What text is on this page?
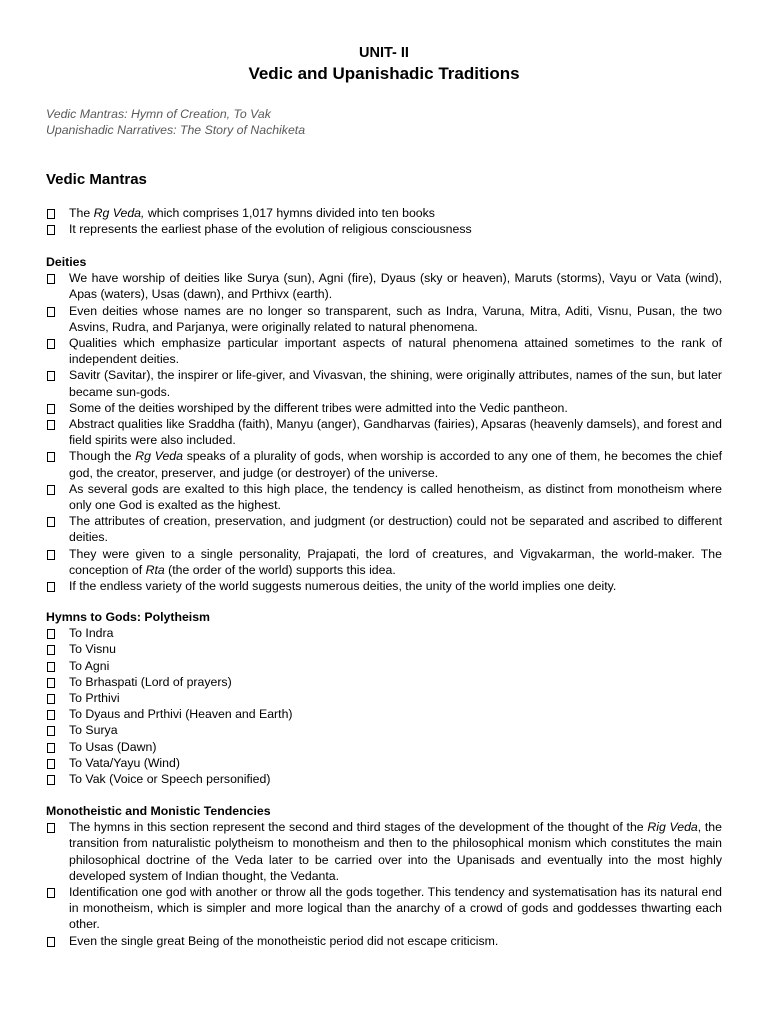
UNIT- II
Vedic and Upanishadic Traditions
Vedic Mantras: Hymn of Creation, To Vak
Upanishadic Narratives: The Story of Nachiketa
Vedic Mantras
The Rg Veda, which comprises 1,017 hymns divided into ten books
It represents the earliest phase of the evolution of religious consciousness
Deities
We have worship of deities like Surya (sun), Agni (fire), Dyaus (sky or heaven), Maruts (storms), Vayu or Vata (wind), Apas (waters), Usas (dawn), and Prthivx (earth).
Even deities whose names are no longer so transparent, such as Indra, Varuna, Mitra, Aditi, Visnu, Pusan, the two Asvins, Rudra, and Parjanya, were originally related to natural phenomena.
Qualities which emphasize particular important aspects of natural phenomena attained sometimes to the rank of independent deities.
Savitr (Savitar), the inspirer or life-giver, and Vivasvan, the shining, were originally attributes, names of the sun, but later became sun-gods.
Some of the deities worshiped by the different tribes were admitted into the Vedic pantheon.
Abstract qualities like Sraddha (faith), Manyu (anger), Gandharvas (fairies), Apsaras (heavenly damsels), and forest and field spirits were also included.
Though the Rg Veda speaks of a plurality of gods, when worship is accorded to any one of them, he becomes the chief god, the creator, preserver, and judge (or destroyer) of the universe.
As several gods are exalted to this high place, the tendency is called henotheism, as distinct from monotheism where only one God is exalted as the highest.
The attributes of creation, preservation, and judgment (or destruction) could not be separated and ascribed to different deities.
They were given to a single personality, Prajapati, the lord of creatures, and Vigvakarman, the world-maker. The conception of Rta (the order of the world) supports this idea.
If the endless variety of the world suggests numerous deities, the unity of the world implies one deity.
Hymns to Gods: Polytheism
To Indra
To Visnu
To Agni
To Brhaspati (Lord of prayers)
To Prthivi
To Dyaus and Prthivi (Heaven and Earth)
To Surya
To Usas (Dawn)
To Vata/Yayu (Wind)
To Vak (Voice or Speech personified)
Monotheistic and Monistic Tendencies
The hymns in this section represent the second and third stages of the development of the thought of the Rig Veda, the transition from naturalistic polytheism to monotheism and then to the philosophical monism which constitutes the main philosophical doctrine of the Veda later to be carried over into the Upanisads and eventually into the most highly developed system of Indian thought, the Vedanta.
Identification one god with another or throw all the gods together. This tendency and systematisation has its natural end in monotheism, which is simpler and more logical than the anarchy of a crowd of gods and goddesses thwarting each other.
Even the single great Being of the monotheistic period did not escape criticism.
